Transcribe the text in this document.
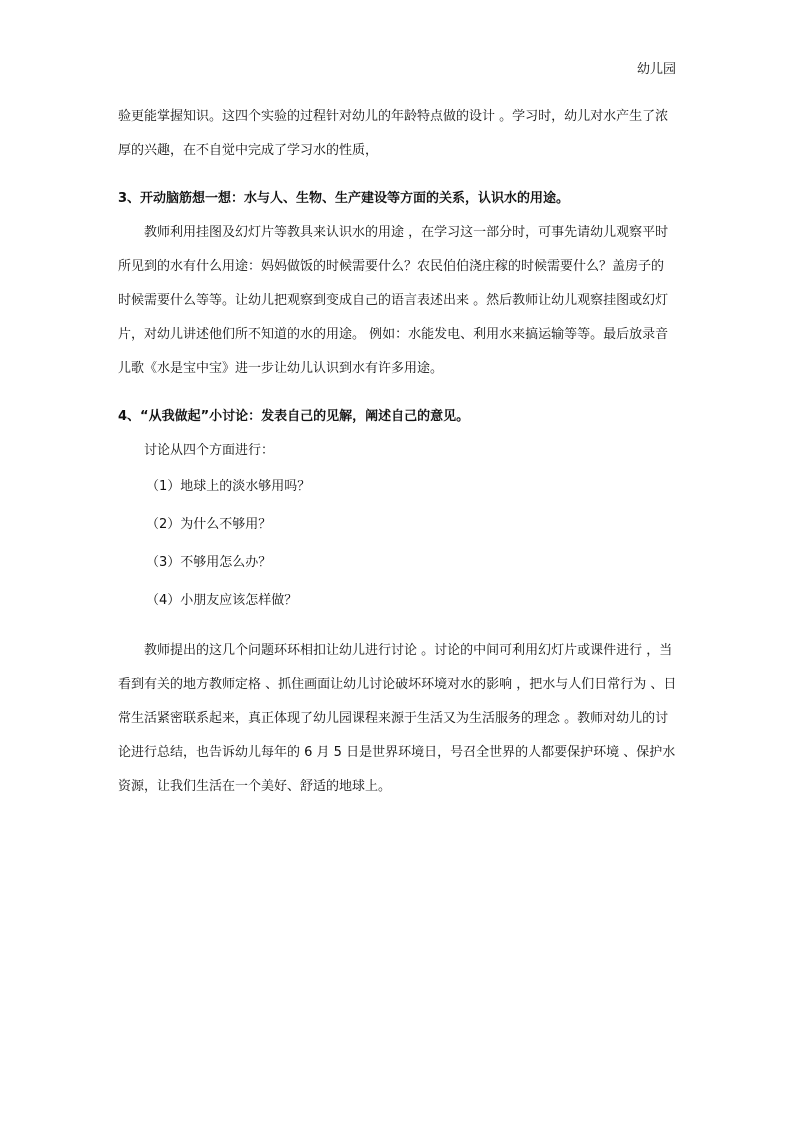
幼儿园

验更能掌握知识。这四个实验的过程针对幼儿的年龄特点做的设计 。学习时，幼儿对水产生了浓

厚的兴趣，在不自觉中完成了学习水的性质，

3、开动脑筋想一想：水与人、生物、生产建设等方面的关系，认识水的用途。

教师利用挂图及幻灯片等教具来认识水的用途 ，在学习这一部分时，可事先请幼儿观察平时

所见到的水有什么用途：妈妈做饭的时候需要什么？农民伯伯浇庄稼的时候需要什么？盖房子的

时候需要什么等等。让幼儿把观察到变成自己的语言表述出来 。然后教师让幼儿观察挂图或幻灯

片，对幼儿讲述他们所不知道的水的用途。 例如：水能发电、利用水来搞运输等等。最后放录音

儿歌《水是宝中宝》进一步让幼儿认识到水有许多用途。

4、“从我做起”小讨论：发表自己的见解，阐述自己的意见。

讨论从四个方面进行：

（1）地球上的淡水够用吗？

（2）为什么不够用？

（3）不够用怎么办？

（4）小朋友应该怎样做？

教师提出的这几个问题环环相扣让幼儿进行讨论 。讨论的中间可利用幻灯片或课件进行 ，当

看到有关的地方教师定格 、抓住画面让幼儿讨论破坏环境对水的影响 ，把水与人们日常行为 、日

常生活紧密联系起来，真正体现了幼儿园课程来源于生活又为生活服务的理念 。教师对幼儿的讨

论进行总结，也告诉幼儿每年的 6 月 5 日是世界环境日，号召全世界的人都要保护环境 、保护水

资源，让我们生活在一个美好、舒适的地球上。
